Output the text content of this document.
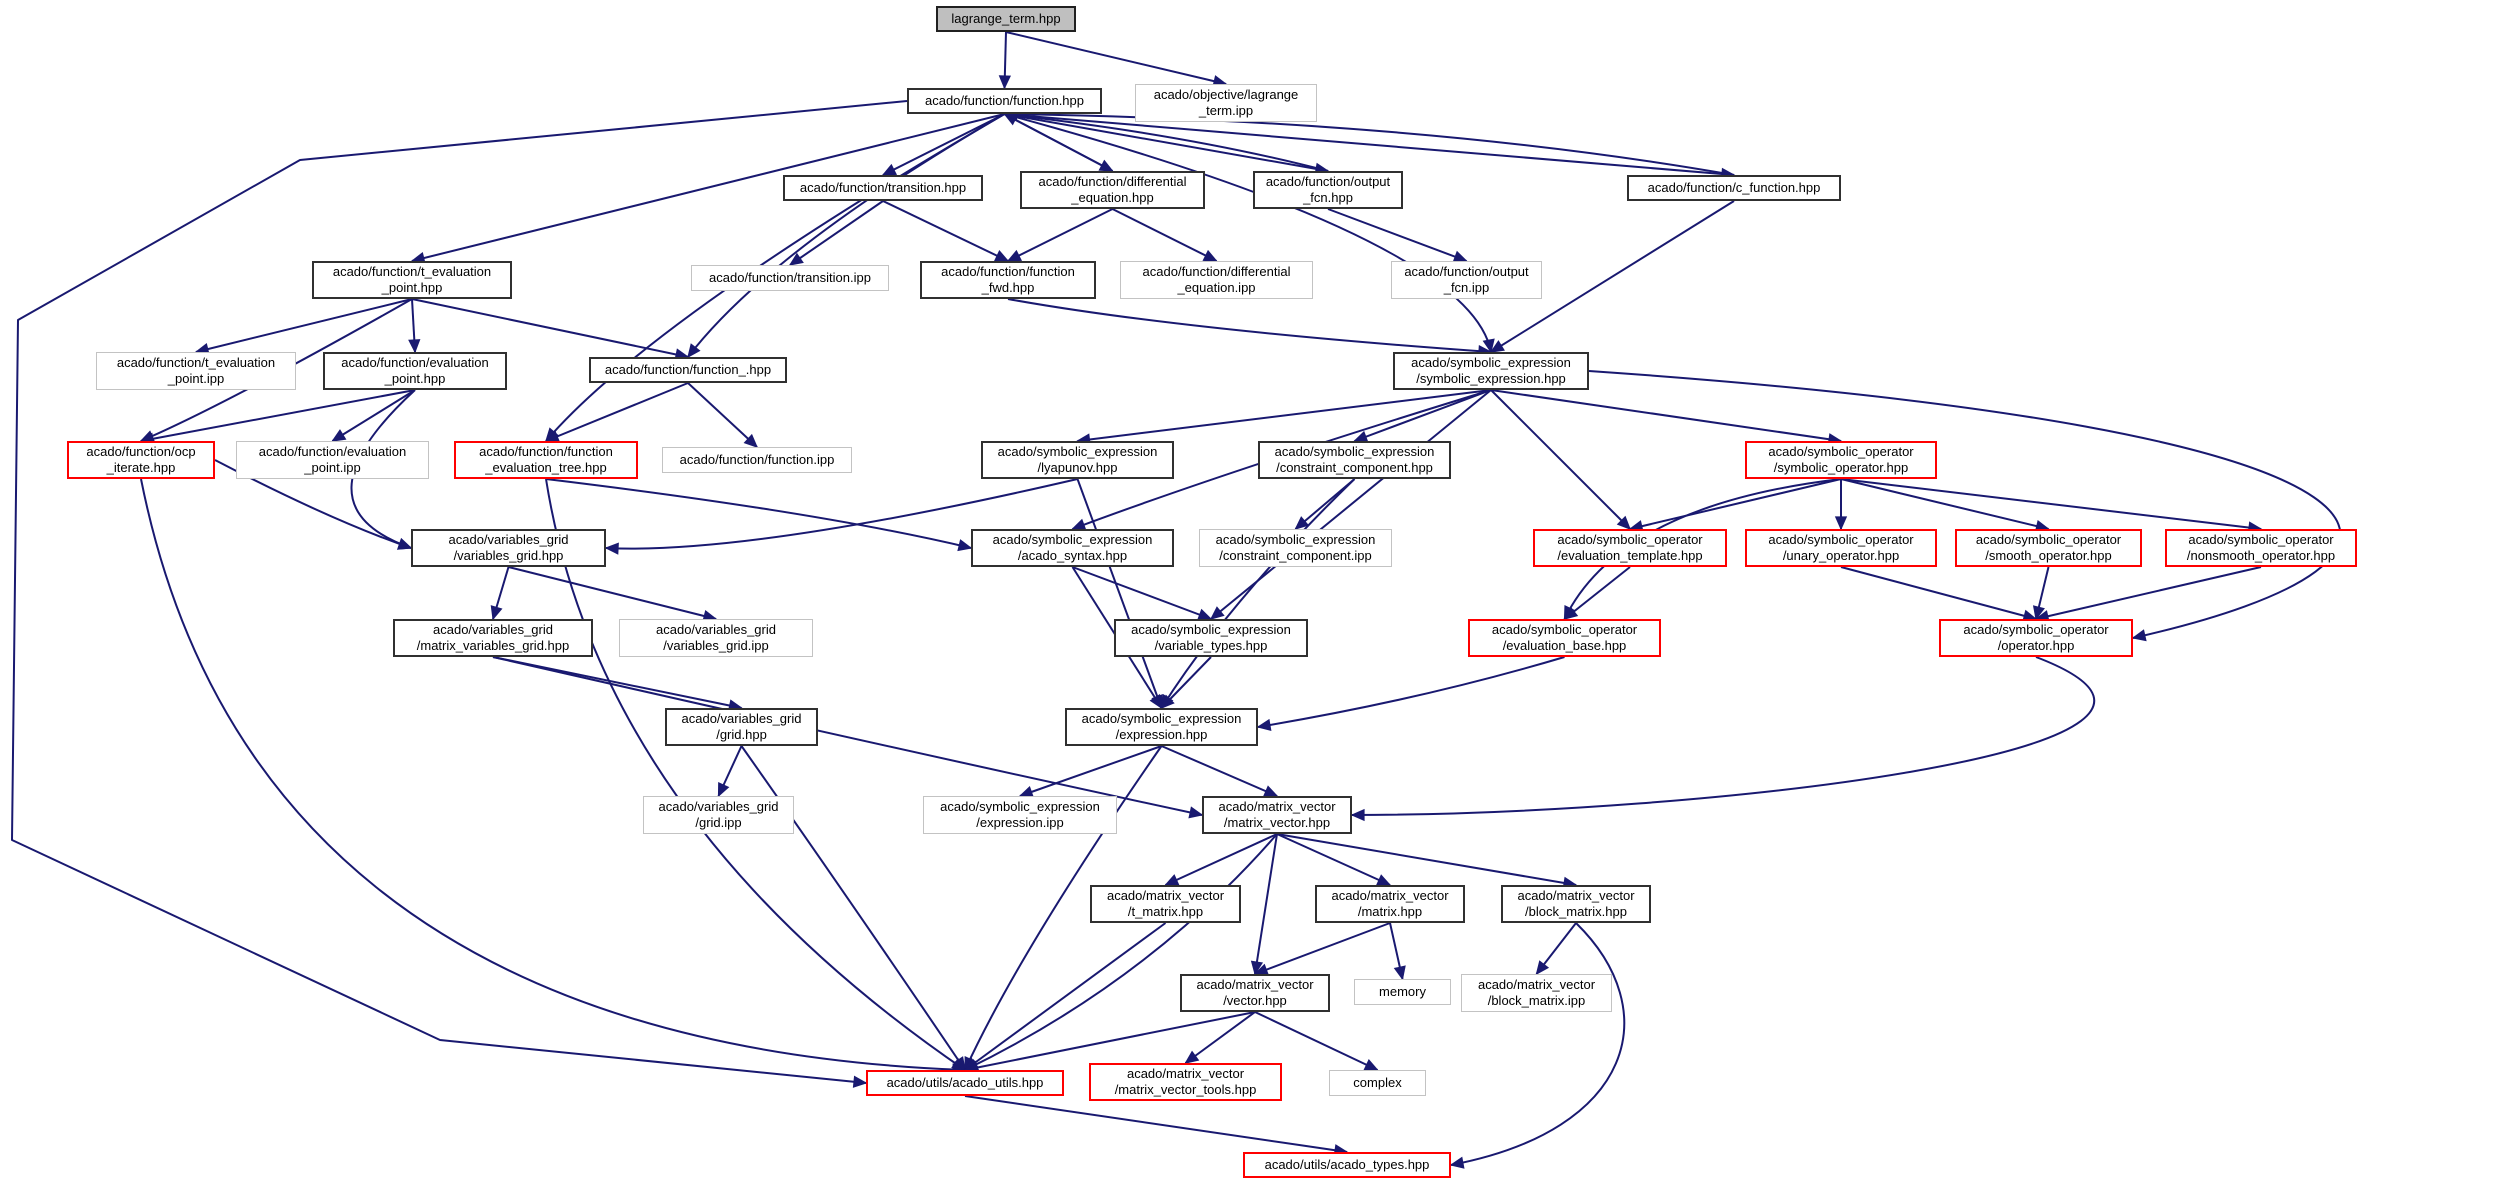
lagrange_term.hpp
acado/function/function.hpp	acado/objective/lagrange
_term.ipp
acado/function/transition.hpp	acado/function/differential
_equation.hpp
acado/function/output
_fcn.hpp
acado/function/c_function.hpp
acado/function/transition.ipp	acado/function/function
_fwd.hpp
acado/function/differential
_equation.ipp
acado/function/output
_fcn.ipp
acado/function/t_evaluation
_point.hpp
acado/symbolic_expression
/symbolic_expression.hpp
acado/function/t_evaluation
_point.ipp
acado/function/evaluation
_point.hpp
acado/function/function_.hpp
acado/function/ocp
_iterate.hpp
acado/function/evaluation
_point.ipp
acado/function/function
_evaluation_tree.hpp
acado/function/function.ipp
acado/symbolic_expression
/lyapunov.hpp
acado/symbolic_expression
/constraint_component.hpp
acado/symbolic_operator
/symbolic_operator.hpp
acado/variables_grid
/variables_grid.hpp
acado/symbolic_expression
/acado_syntax.hpp
acado/symbolic_expression
/constraint_component.ipp
acado/symbolic_operator
/evaluation_template.hpp
acado/symbolic_operator
/unary_operator.hpp
acado/symbolic_operator
/smooth_operator.hpp
acado/symbolic_operator
/nonsmooth_operator.hpp
acado/variables_grid
/matrix_variables_grid.hpp
acado/variables_grid
/variables_grid.ipp
acado/symbolic_expression
/variable_types.hpp
acado/symbolic_operator
/evaluation_base.hpp
acado/symbolic_operator
/operator.hpp
acado/variables_grid
/grid.hpp
acado/symbolic_expression
/expression.hpp
acado/variables_grid
/grid.ipp
acado/symbolic_expression
/expression.ipp
acado/matrix_vector
/matrix_vector.hpp
acado/matrix_vector
/t_matrix.hpp
acado/matrix_vector
/matrix.hpp
acado/matrix_vector
/block_matrix.hpp
acado/matrix_vector
/vector.hpp
memory	acado/matrix_vector
/block_matrix.ipp
acado/utils/acado_utils.hpp
acado/matrix_vector
/matrix_vector_tools.hpp	complex
acado/utils/acado_types.hpp
